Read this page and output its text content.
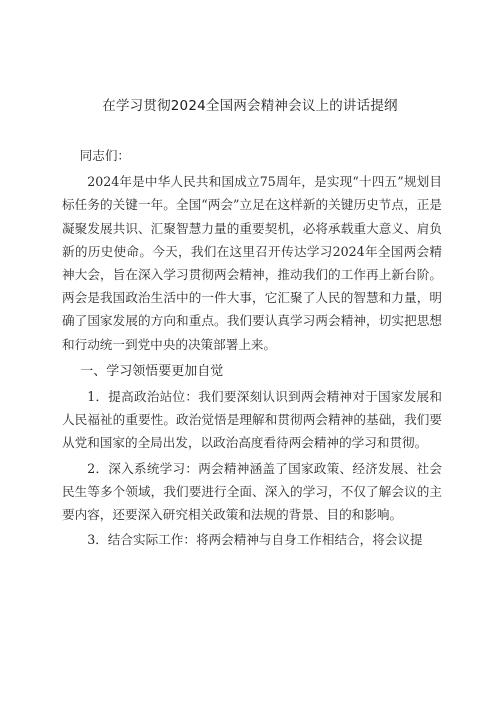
在学习贯彻2024全国两会精神会议上的讲话提纲

同志们：

2024年是中华人民共和国成立75周年，是实现“十四五”规划目标任务的关键一年。全国“两会”立足在这样新的关键历史节点，正是凝聚发展共识、汇聚智慧力量的重要契机，必将承载重大意义、肩负新的历史使命。今天，我们在这里召开传达学习2024年全国两会精神大会，旨在深入学习贯彻两会精神，推动我们的工作再上新台阶。两会是我国政治生活中的一件大事，它汇聚了人民的智慧和力量，明确了国家发展的方向和重点。我们要认真学习两会精神，切实把思想和行动统一到党中央的决策部署上来。

一、学习领悟要更加自觉

1．提高政治站位：我们要深刻认识到两会精神对于国家发展和人民福祉的重要性。政治觉悟是理解和贯彻两会精神的基础，我们要从党和国家的全局出发，以政治高度看待两会精神的学习和贯彻。

2．深入系统学习：两会精神涵盖了国家政策、经济发展、社会民生等多个领域，我们要进行全面、深入的学习，不仅了解会议的主要内容，还要深入研究相关政策和法规的背景、目的和影响。

3．结合实际工作：将两会精神与自身工作相结合，将会议提
